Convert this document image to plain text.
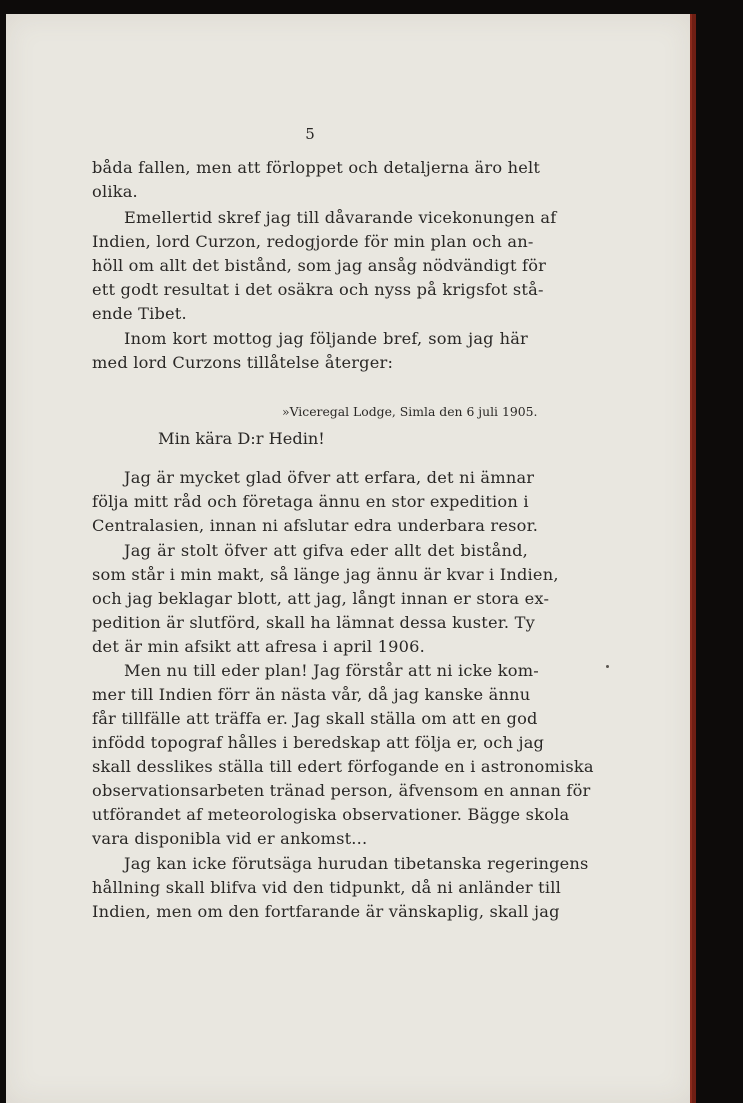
5
båda fallen, men att förloppet och detaljerna äro helt
olika.
Emellertid skref jag till dåvarande vicekonungen af
Indien, lord Curzon, redogjorde för min plan och an-
höll om allt det bistånd, som jag ansåg nödvändigt för
ett godt resultat i det osäkra och nyss på krigsfot stå-
ende Tibet.
Inom kort mottog jag följande bref, som jag här
med lord Curzons tillåtelse återger:
»Viceregal Lodge, Simla den 6 juli 1905.
Min kära D:r Hedin!
Jag är mycket glad öfver att erfara, det ni ämnar
följa mitt råd och företaga ännu en stor expedition i
Centralasien, innan ni afslutar edra underbara resor.
Jag är stolt öfver att gifva eder allt det bistånd,
som står i min makt, så länge jag ännu är kvar i Indien,
och jag beklagar blott, att jag, långt innan er stora ex-
pedition är slutförd, skall ha lämnat dessa kuster. Ty
det är min afsikt att afresa i april 1906.
Men nu till eder plan! Jag förstår att ni icke kom-
mer till Indien förr än nästa vår, då jag kanske ännu
får tillfälle att träffa er. Jag skall ställa om att en god
infödd topograf hålles i beredskap att följa er, och jag
skall desslikes ställa till edert förfogande en i astronomiska
observationsarbeten tränad person, äfvensom en annan för
utförandet af meteorologiska observationer. Bägge skola
vara disponibla vid er ankomst...
Jag kan icke förutsäga hurudan tibetanska regeringens
hållning skall blifva vid den tidpunkt, då ni anländer till
Indien, men om den fortfarande är vänskaplig, skall jag
